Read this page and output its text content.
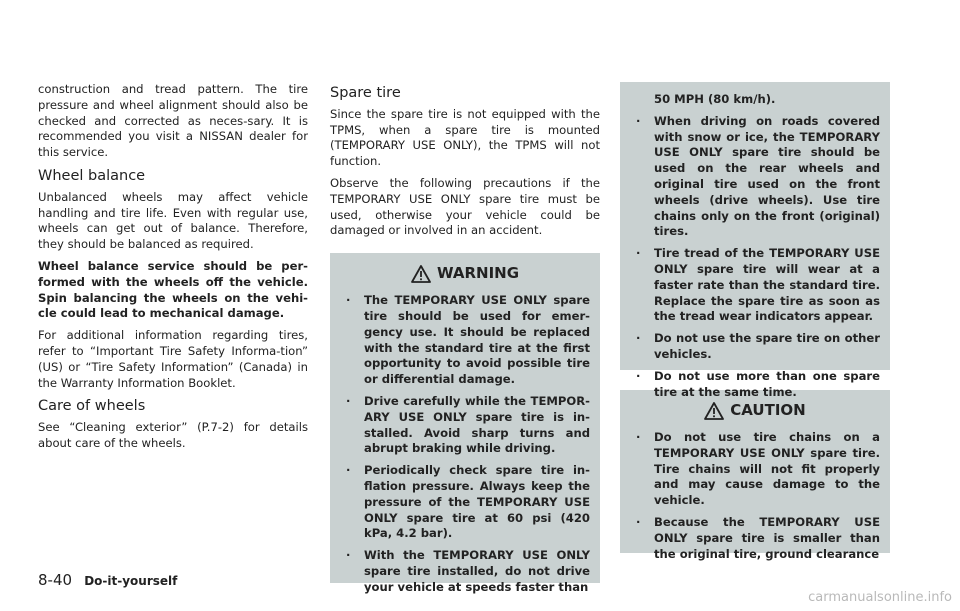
construction and tread pattern. The tire pressure and wheel alignment should also be checked and corrected as neces-sary. It is recommended you visit a NISSAN dealer for this service.

Wheel balance

Unbalanced wheels may affect vehicle handling and tire life. Even with regular use, wheels can get out of balance. Therefore, they should be balanced as required.

Wheel balance service should be per-formed with the wheels off the vehicle. Spin balancing the wheels on the vehi-cle could lead to mechanical damage.

For additional information regarding tires, refer to “Important Tire Safety Informa-tion” (US) or “Tire Safety Information” (Canada) in the Warranty Information Booklet.

Care of wheels

See “Cleaning exterior” (P.7-2) for details about care of the wheels.

Spare tire

Since the spare tire is not equipped with the TPMS, when a spare tire is mounted (TEMPORARY USE ONLY), the TPMS will not function.

Observe the following precautions if the TEMPORARY USE ONLY spare tire must be used, otherwise your vehicle could be damaged or involved in an accident.

WARNING
. The TEMPORARY USE ONLY spare tire should be used for emer-gency use. It should be replaced with the standard tire at the first opportunity to avoid possible tire or differential damage.
. Drive carefully while the TEMPOR-ARY USE ONLY spare tire is in-stalled. Avoid sharp turns and abrupt braking while driving.
. Periodically check spare tire in-flation pressure. Always keep the pressure of the TEMPORARY USE ONLY spare tire at 60 psi (420 kPa, 4.2 bar).
. With the TEMPORARY USE ONLY spare tire installed, do not drive your vehicle at speeds faster than
50 MPH (80 km/h).
. When driving on roads covered with snow or ice, the TEMPORARY USE ONLY spare tire should be used on the rear wheels and original tire used on the front wheels (drive wheels). Use tire chains only on the front (original) tires.
. Tire tread of the TEMPORARY USE ONLY spare tire will wear at a faster rate than the standard tire. Replace the spare tire as soon as the tread wear indicators appear.
. Do not use the spare tire on other vehicles.
. Do not use more than one spare tire at the same time.
CAUTION
. Do not use tire chains on a TEMPORARY USE ONLY spare tire. Tire chains will not fit properly and may cause damage to the vehicle.
. Because the TEMPORARY USE ONLY spare tire is smaller than the original tire, ground clearance
8-40 Do-it-yourself
carmanualsonline.info
